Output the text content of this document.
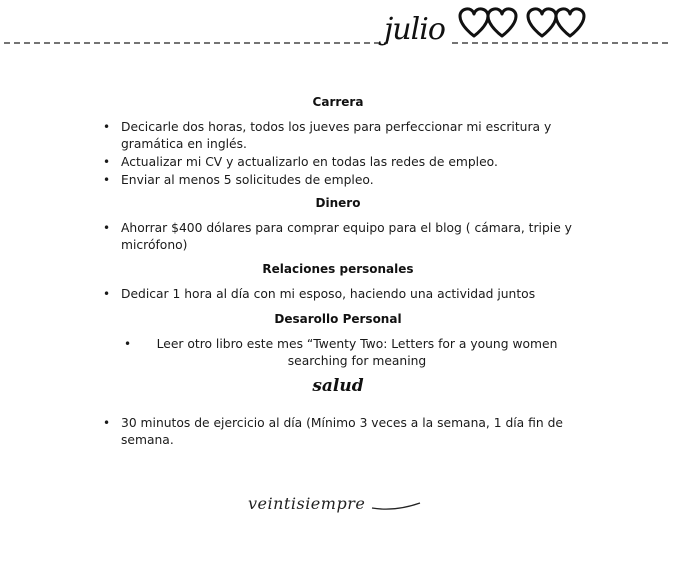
julio
Carrera
• Decicarle dos horas, todos los jueves para perfeccionar mi escritura y gramática en inglés.
• Actualizar mi CV y actualizarlo en todas las redes de empleo.
• Enviar al menos 5 solicitudes de empleo.
Dinero
• Ahorrar $400 dólares para comprar equipo para el blog ( cámara, tripie y micrófono)
Relaciones personales
• Dedicar 1 hora al día con mi esposo, haciendo una actividad juntos
Desarollo Personal
• Leer otro libro este mes “Twenty Two: Letters for a young women searching for meaning
salud
• 30 minutos de ejercicio al día (Mínimo 3 veces a la semana, 1 día fin de semana.
veintisiempre
